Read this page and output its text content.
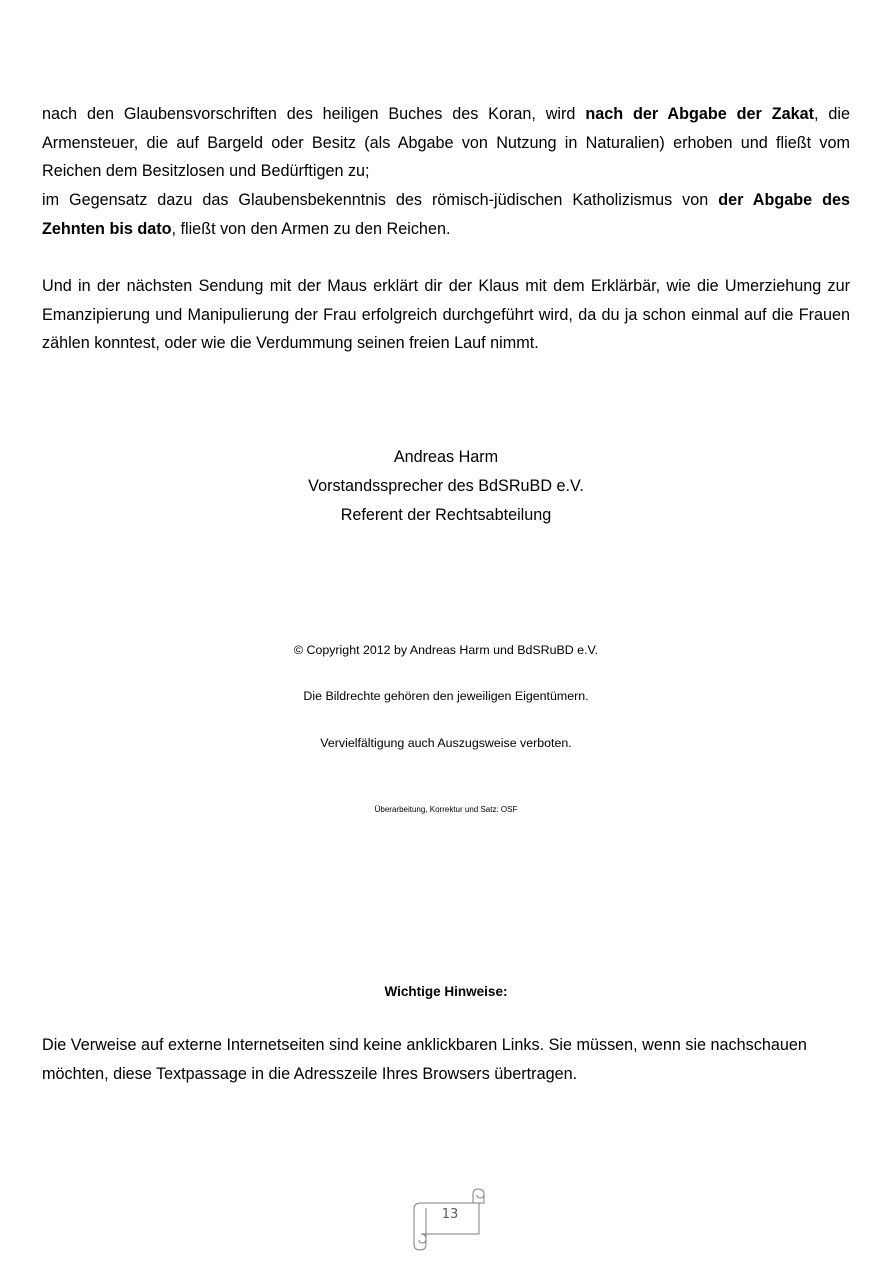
nach den Glaubensvorschriften des heiligen Buches des Koran, wird nach der Abgabe der Zakat, die Armensteuer, die auf Bargeld oder Besitz (als Abgabe von Nutzung in Naturalien) erhoben und fließt vom Reichen dem Besitzlosen und Bedürftigen zu;

im Gegensatz dazu das Glaubensbekenntnis des römisch-jüdischen Katholizismus von der Abgabe des Zehnten bis dato, fließt von den Armen zu den Reichen.

Und in der nächsten Sendung mit der Maus erklärt dir der Klaus mit dem Erklärbär, wie die Umerziehung zur Emanzipierung und Manipulierung der Frau erfolgreich durchgeführt wird, da du ja schon einmal auf die Frauen zählen konntest, oder wie die Verdummung seinen freien Lauf nimmt.

Andreas Harm
Vorstandssprecher des BdSRuBD e.V.
Referent der Rechtsabteilung
© Copyright 2012 by Andreas Harm und BdSRuBD e.V.
Die Bildrechte gehören den jeweiligen Eigentümern.
Vervielfältigung auch Auszugsweise verboten.
Überarbeitung, Korrektur und Satz: OSF
Wichtige Hinweise:

Die Verweise auf externe Internetseiten sind keine anklickbaren Links. Sie müssen, wenn sie nachschauen möchten, diese Textpassage in die Adresszeile Ihres Browsers übertragen.

13
